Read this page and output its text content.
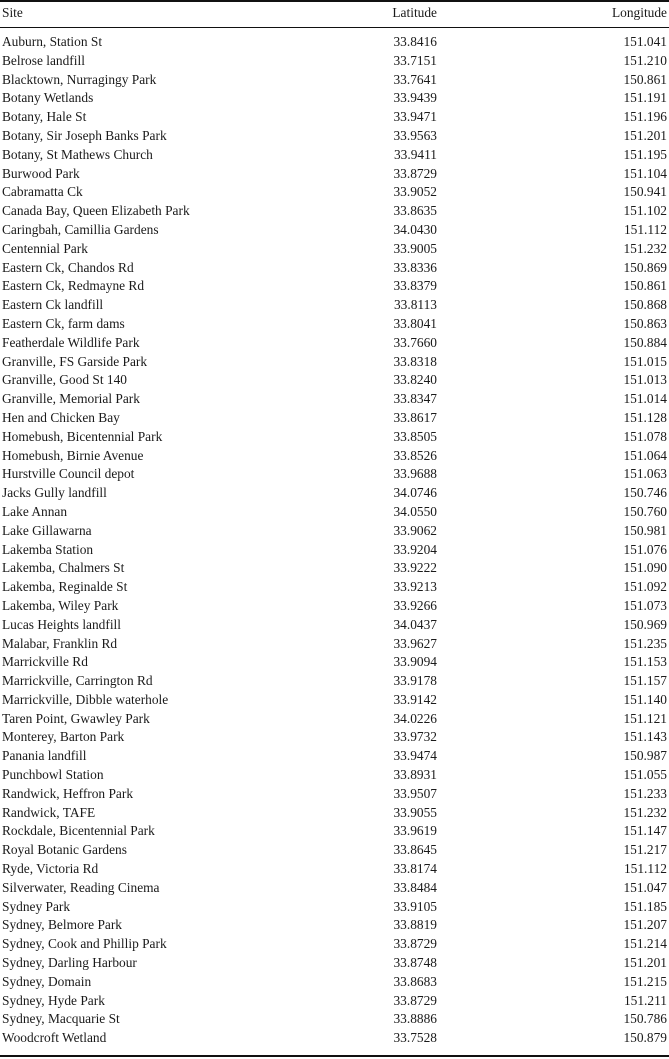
Site	Latitude	Longitude
Auburn, Station St	33.8416	151.041
Belrose landfill	33.7151	151.210
Blacktown, Nurragingy Park	33.7641	150.861
Botany Wetlands	33.9439	151.191
Botany, Hale St	33.9471	151.196
Botany, Sir Joseph Banks Park	33.9563	151.201
Botany, St Mathews Church	33.9411	151.195
Burwood Park	33.8729	151.104
Cabramatta Ck	33.9052	150.941
Canada Bay, Queen Elizabeth Park	33.8635	151.102
Caringbah, Camillia Gardens	34.0430	151.112
Centennial Park	33.9005	151.232
Eastern Ck, Chandos Rd	33.8336	150.869
Eastern Ck, Redmayne Rd	33.8379	150.861
Eastern Ck landfill	33.8113	150.868
Eastern Ck, farm dams	33.8041	150.863
Featherdale Wildlife Park	33.7660	150.884
Granville, FS Garside Park	33.8318	151.015
Granville, Good St 140	33.8240	151.013
Granville, Memorial Park	33.8347	151.014
Hen and Chicken Bay	33.8617	151.128
Homebush, Bicentennial Park	33.8505	151.078
Homebush, Birnie Avenue	33.8526	151.064
Hurstville Council depot	33.9688	151.063
Jacks Gully landfill	34.0746	150.746
Lake Annan	34.0550	150.760
Lake Gillawarna	33.9062	150.981
Lakemba Station	33.9204	151.076
Lakemba, Chalmers St	33.9222	151.090
Lakemba, Reginalde St	33.9213	151.092
Lakemba, Wiley Park	33.9266	151.073
Lucas Heights landfill	34.0437	150.969
Malabar, Franklin Rd	33.9627	151.235
Marrickville Rd	33.9094	151.153
Marrickville, Carrington Rd	33.9178	151.157
Marrickville, Dibble waterhole	33.9142	151.140
Taren Point, Gwawley Park	34.0226	151.121
Monterey, Barton Park	33.9732	151.143
Panania landfill	33.9474	150.987
Punchbowl Station	33.8931	151.055
Randwick, Heffron Park	33.9507	151.233
Randwick, TAFE	33.9055	151.232
Rockdale, Bicentennial Park	33.9619	151.147
Royal Botanic Gardens	33.8645	151.217
Ryde, Victoria Rd	33.8174	151.112
Silverwater, Reading Cinema	33.8484	151.047
Sydney Park	33.9105	151.185
Sydney, Belmore Park	33.8819	151.207
Sydney, Cook and Phillip Park	33.8729	151.214
Sydney, Darling Harbour	33.8748	151.201
Sydney, Domain	33.8683	151.215
Sydney, Hyde Park	33.8729	151.211
Sydney, Macquarie St	33.8886	150.786
Woodcroft Wetland	33.7528	150.879
